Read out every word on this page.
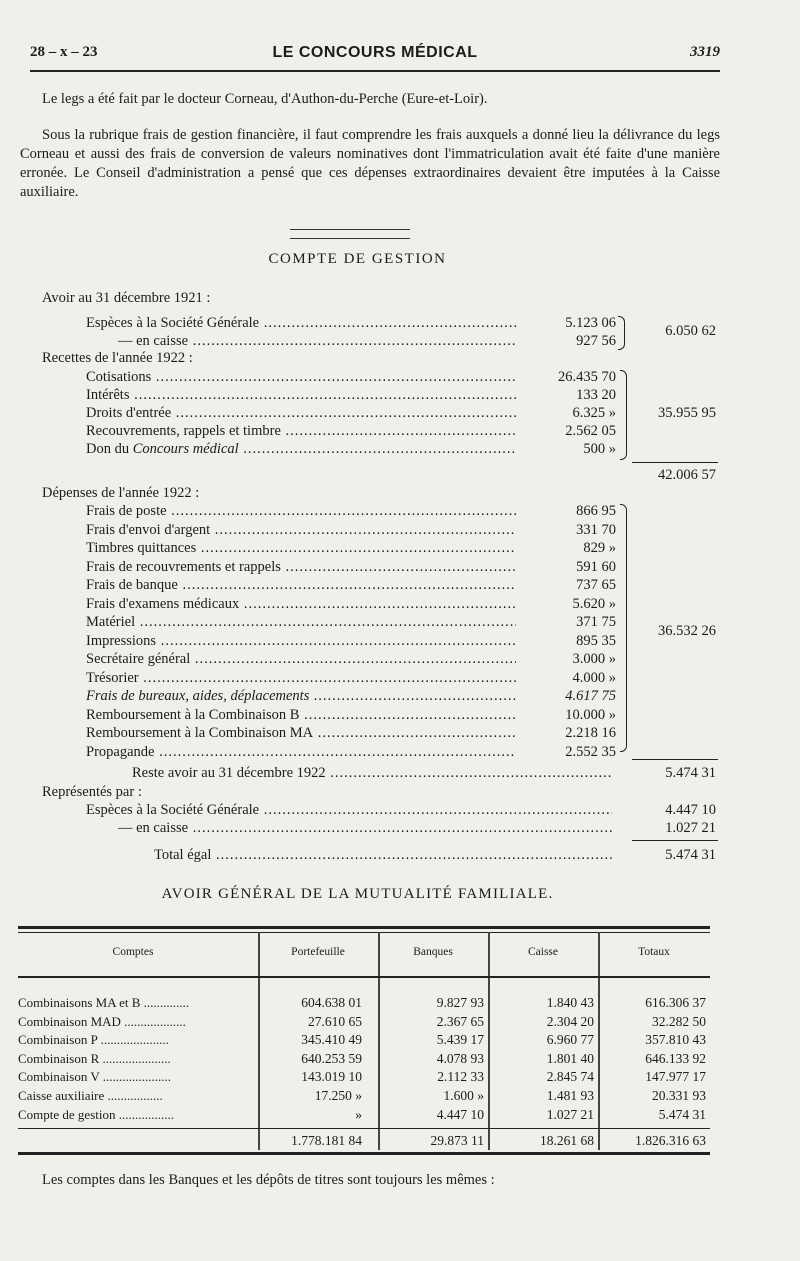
28 – x – 23	LE CONCOURS MÉDICAL	3319
Le legs a été fait par le docteur Corneau, d'Authon-du-Perche (Eure-et-Loir).
Sous la rubrique frais de gestion financière, il faut comprendre les frais auxquels a donné lieu la délivrance du legs Corneau et aussi des frais de conversion de valeurs nominatives dont l'immatriculation avait été faite d'une manière erronée. Le Conseil d'administration a pensé que ces dépenses extraordinaires devaient être imputées à la Caisse auxiliaire.
COMPTE DE GESTION
Avoir au 31 décembre 1921 :
Espèces à la Société Générale .....	5.123 06
— en caisse .....	927 56
6.050 62
Recettes de l'année 1922 :
Cotisations .....	26.435 70
Intérêts .....	133 20
Droits d'entrée .....	6.325 »
Recouvrements, rappels et timbre .....	2.562 05
Don du Concours médical .....	500 »
35.955 95
42.006 57
Dépenses de l'année 1922 :
Frais de poste .....	866 95
Frais d'envoi d'argent .....	331 70
Timbres quittances .....	829 »
Frais de recouvrements et rappels .....	591 60
Frais de banque .....	737 65
Frais d'examens médicaux .....	5.620 »
Matériel .....	371 75
Impressions .....	895 35
Secrétaire général .....	3.000 »
Trésorier .....	4.000 »
Frais de bureaux, aides, déplacements .....	4.617 75
Remboursement à la Combinaison B .....	10.000 »
Remboursement à la Combinaison MA .....	2.218 16
Propagande .....	2.552 35
36.532 26
Reste avoir au 31 décembre 1922 .....	5.474 31
Représentés par :
Espèces à la Société Générale .....	4.447 10
— en caisse .....	1.027 21
Total égal .....	5.474 31
AVOIR GÉNÉRAL DE LA MUTUALITÉ FAMILIALE.
Comptes	Portefeuille	Banques	Caisse	Totaux
Combinaisons MA et B ..............	604.638 01	9.827 93	1.840 43	616.306 37
Combinaison MAD ...................	27.610 65	2.367 65	2.304 20	32.282 50
Combinaison P .....................	345.410 49	5.439 17	6.960 77	357.810 43
Combinaison R .....................	640.253 59	4.078 93	1.801 40	646.133 92
Combinaison V .....................	143.019 10	2.112 33	2.845 74	147.977 17
Caisse auxiliaire .................	17.250 »	1.600 »	1.481 93	20.331 93
Compte de gestion .................	»	4.447 10	1.027 21	5.474 31
1.778.181 84	29.873 11	18.261 68	1.826.316 63
Les comptes dans les Banques et les dépôts de titres sont toujours les mêmes :
